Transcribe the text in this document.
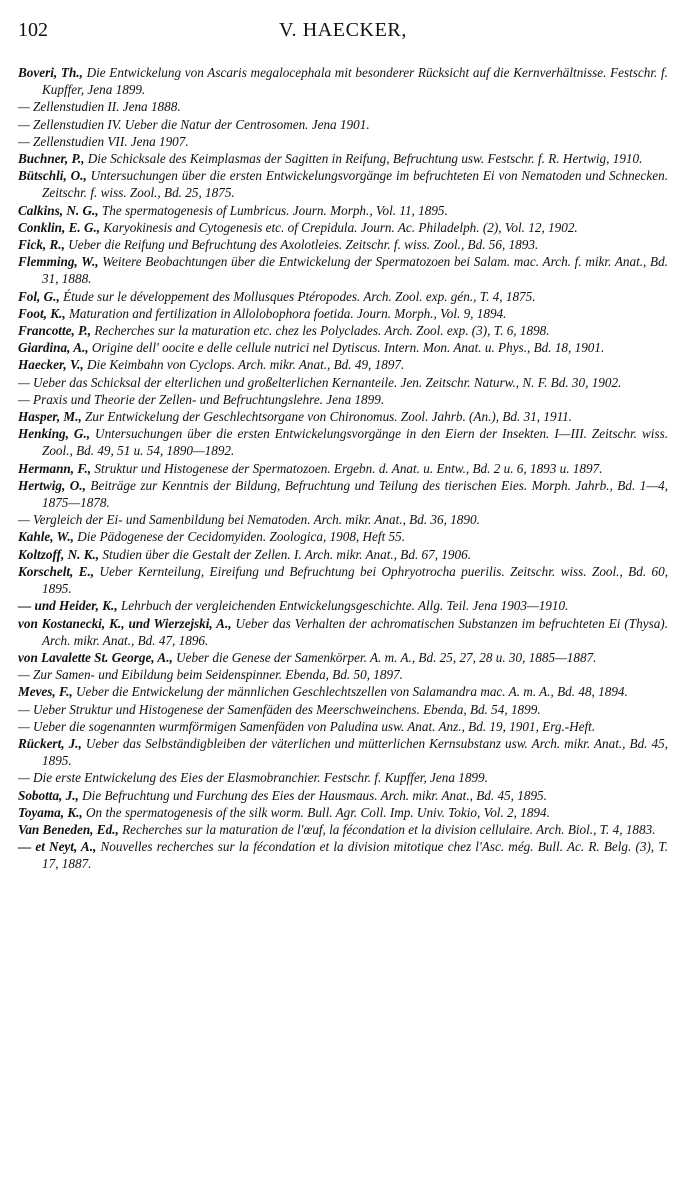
102	V. HAECKER,
Boveri, Th., Die Entwickelung von Ascaris megalocephala mit besonderer Rücksicht auf die Kernverhältnisse. Festschr. f. Kupffer, Jena 1899.
— Zellenstudien II. Jena 1888.
— Zellenstudien IV. Ueber die Natur der Centrosomen. Jena 1901.
— Zellenstudien VII. Jena 1907.
Buchner, P., Die Schicksale des Keimplasmas der Sagitten in Reifung, Befruchtung usw. Festschr. f. R. Hertwig, 1910.
Bütschli, O., Untersuchungen über die ersten Entwickelungsvorgänge im befruchteten Ei von Nematoden und Schnecken. Zeitschr. f. wiss. Zool., Bd. 25, 1875.
Calkins, N. G., The spermatogenesis of Lumbricus. Journ. Morph., Vol. 11, 1895.
Conklin, E. G., Karyokinesis and Cytogenesis etc. of Crepidula. Journ. Ac. Philadelph. (2), Vol. 12, 1902.
Fick, R., Ueber die Reifung und Befruchtung des Axolotleies. Zeitschr. f. wiss. Zool., Bd. 56, 1893.
Flemming, W., Weitere Beobachtungen über die Entwickelung der Spermatozoen bei Salam. mac. Arch. f. mikr. Anat., Bd. 31, 1888.
Fol, G., Étude sur le développement des Mollusques Ptéropodes. Arch. Zool. exp. gén., T. 4, 1875.
Foot, K., Maturation and fertilization in Allolobophora foetida. Journ. Morph., Vol. 9, 1894.
Francotte, P., Recherches sur la maturation etc. chez les Polyclades. Arch. Zool. exp. (3), T. 6, 1898.
Giardina, A., Origine dell' oocite e delle cellule nutrici nel Dytiscus. Intern. Mon. Anat. u. Phys., Bd. 18, 1901.
Haecker, V., Die Keimbahn von Cyclops. Arch. mikr. Anat., Bd. 49, 1897.
— Ueber das Schicksal der elterlichen und großelterlichen Kernanteile. Jen. Zeitschr. Naturw., N. F. Bd. 30, 1902.
— Praxis und Theorie der Zellen- und Befruchtungslehre. Jena 1899.
Hasper, M., Zur Entwickelung der Geschlechtsorgane von Chironomus. Zool. Jahrb. (An.), Bd. 31, 1911.
Henking, G., Untersuchungen über die ersten Entwickelungsvorgänge in den Eiern der Insekten. I—III. Zeitschr. wiss. Zool., Bd. 49, 51 u. 54, 1890—1892.
Hermann, F., Struktur und Histogenese der Spermatozoen. Ergebn. d. Anat. u. Entw., Bd. 2 u. 6, 1893 u. 1897.
Hertwig, O., Beiträge zur Kenntnis der Bildung, Befruchtung und Teilung des tierischen Eies. Morph. Jahrb., Bd. 1—4, 1875—1878.
— Vergleich der Ei- und Samenbildung bei Nematoden. Arch. mikr. Anat., Bd. 36, 1890.
Kahle, W., Die Pädogenese der Cecidomyiden. Zoologica, 1908, Heft 55.
Koltzoff, N. K., Studien über die Gestalt der Zellen. I. Arch. mikr. Anat., Bd. 67, 1906.
Korschelt, E., Ueber Kernteilung, Eireifung und Befruchtung bei Ophryotrocha puerilis. Zeitschr. wiss. Zool., Bd. 60, 1895.
— und Heider, K., Lehrbuch der vergleichenden Entwickelungsgeschichte. Allg. Teil. Jena 1903—1910.
von Kostanecki, K., und Wierzejski, A., Ueber das Verhalten der achromatischen Substanzen im befruchteten Ei (Thysa). Arch. mikr. Anat., Bd. 47, 1896.
von Lavalette St. George, A., Ueber die Genese der Samenkörper. A. m. A., Bd. 25, 27, 28 u. 30, 1885—1887.
— Zur Samen- und Eibildung beim Seidenspinner. Ebenda, Bd. 50, 1897.
Meves, F., Ueber die Entwickelung der männlichen Geschlechtszellen von Salamandra mac. A. m. A., Bd. 48, 1894.
— Ueber Struktur und Histogenese der Samenfäden des Meerschweinchens. Ebenda, Bd. 54, 1899.
— Ueber die sogenannten wurmförmigen Samenfäden von Paludina usw. Anat. Anz., Bd. 19, 1901, Erg.-Heft.
Rückert, J., Ueber das Selbständigbleiben der väterlichen und mütterlichen Kernsubstanz usw. Arch. mikr. Anat., Bd. 45, 1895.
— Die erste Entwickelung des Eies der Elasmobranchier. Festschr. f. Kupffer, Jena 1899.
Sobotta, J., Die Befruchtung und Furchung des Eies der Hausmaus. Arch. mikr. Anat., Bd. 45, 1895.
Toyama, K., On the spermatogenesis of the silk worm. Bull. Agr. Coll. Imp. Univ. Tokio, Vol. 2, 1894.
Van Beneden, Ed., Recherches sur la maturation de l'œuf, la fécondation et la division cellulaire. Arch. Biol., T. 4, 1883.
— et Neyt, A., Nouvelles recherches sur la fécondation et la division mitotique chez l'Asc. még. Bull. Ac. R. Belg. (3), T. 17, 1887.
